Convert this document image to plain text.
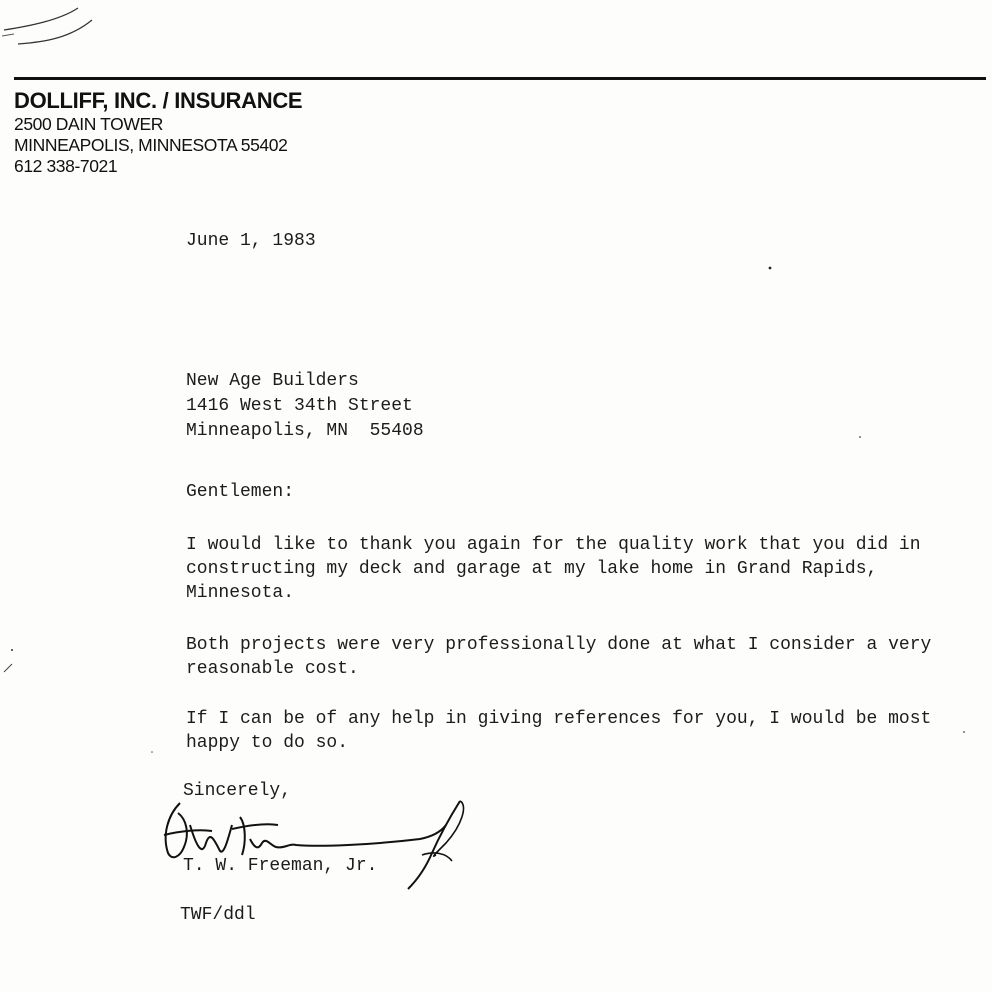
DOLLIFF, INC. / INSURANCE
2500 DAIN TOWER
MINNEAPOLIS, MINNESOTA 55402
612 338-7021
June 1, 1983
New Age Builders
1416 West 34th Street
Minneapolis, MN  55408
Gentlemen:
I would like to thank you again for the quality work that you did in constructing my deck and garage at my lake home in Grand Rapids, Minnesota.
Both projects were very professionally done at what I consider a very reasonable cost.
If I can be of any help in giving references for you, I would be most happy to do so.
Sincerely,
T. W. Freeman, Jr.
TWF/ddl
